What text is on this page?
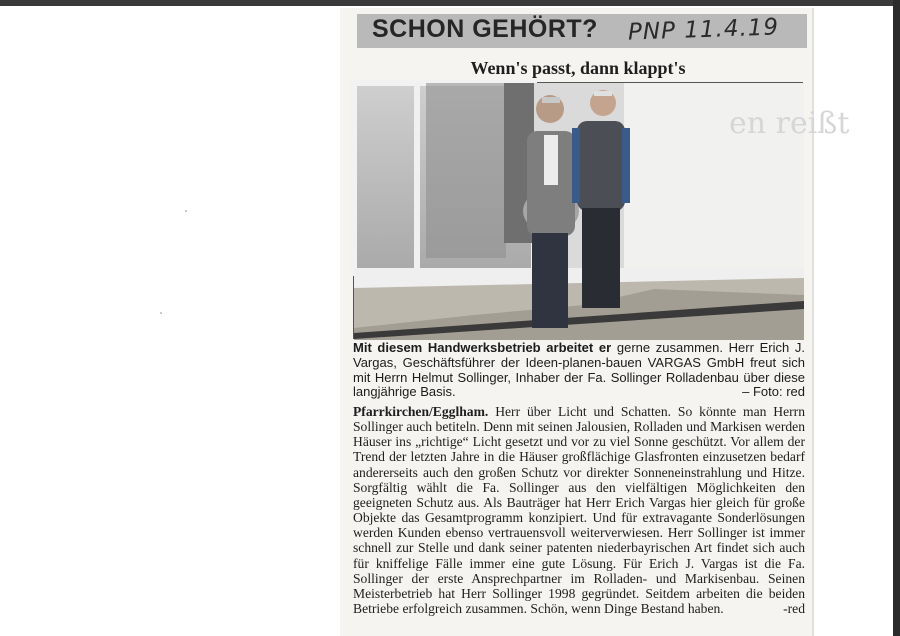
SCHON GEHÖRT? PNP 11.4.19
Wenn's passt, dann klappt's
en reißt
Mit diesem Handwerksbetrieb arbeitet er gerne zusammen. Herr Erich J. Vargas, Geschäftsführer der Ideen-planen-bauen VARGAS GmbH freut sich mit Herrn Helmut Sollinger, Inhaber der Fa. Sollinger Rolladenbau über diese langjährige Basis.	– Foto: red
Pfarrkirchen/Egglham. Herr über Licht und Schatten. So könnte man Herrn Sollinger auch betiteln. Denn mit seinen Jalousien, Rolladen und Markisen werden Häuser ins „richtige“ Licht gesetzt und vor zu viel Sonne geschützt. Vor allem der Trend der letzten Jahre in die Häuser großflächige Glasfronten einzusetzen bedarf andererseits auch den großen Schutz vor direkter Sonneneinstrahlung und Hitze. Sorgfältig wählt die Fa. Sollinger aus den vielfältigen Möglichkeiten den geeigneten Schutz aus. Als Bauträger hat Herr Erich Vargas hier gleich für große Objekte das Gesamtprogramm konzipiert. Und für extravagante Sonderlösungen werden Kunden ebenso vertrauensvoll weiterverwiesen. Herr Sollinger ist immer schnell zur Stelle und dank seiner patenten niederbayrischen Art findet sich auch für kniffelige Fälle immer eine gute Lösung. Für Erich J. Vargas ist die Fa. Sollinger der erste Ansprechpartner im Rolladen- und Markisenbau. Seinen Meisterbetrieb hat Herr Sollinger 1998 gegründet. Seitdem arbeiten die beiden Betriebe erfolgreich zusammen. Schön, wenn Dinge Bestand haben.	-red
